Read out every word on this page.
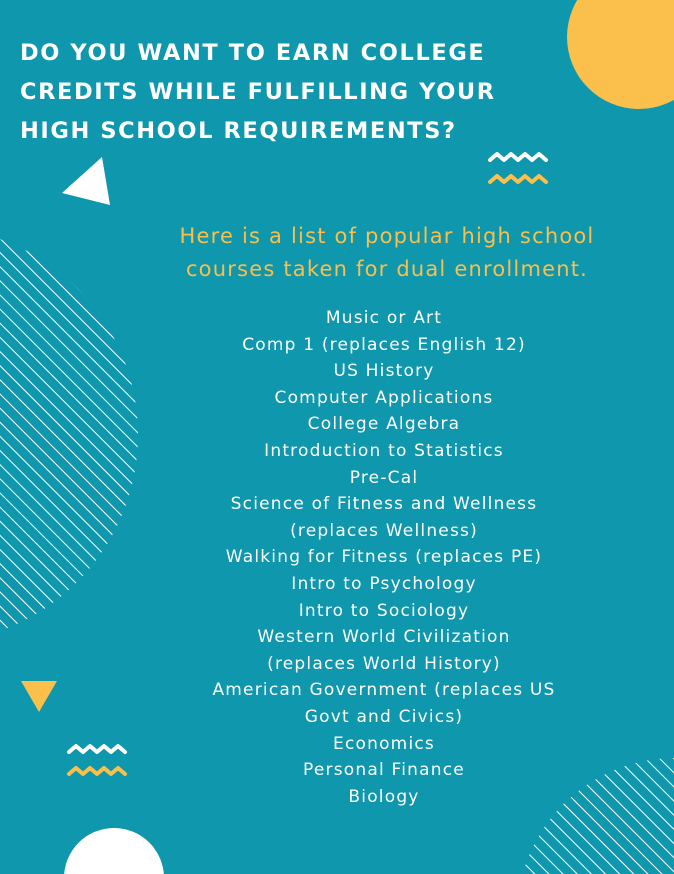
DO YOU WANT TO EARN COLLEGE
CREDITS WHILE FULFILLING YOUR
HIGH SCHOOL REQUIREMENTS?

Here is a list of popular high school
courses taken for dual enrollment.

Music or Art
Comp 1 (replaces English 12)
US History
Computer Applications
College Algebra
Introduction to Statistics
Pre-Cal
Science of Fitness and Wellness
(replaces Wellness)
Walking for Fitness (replaces PE)
Intro to Psychology
Intro to Sociology
Western World Civilization
(replaces World History)
American Government (replaces US
Govt and Civics)
Economics
Personal Finance
Biology
